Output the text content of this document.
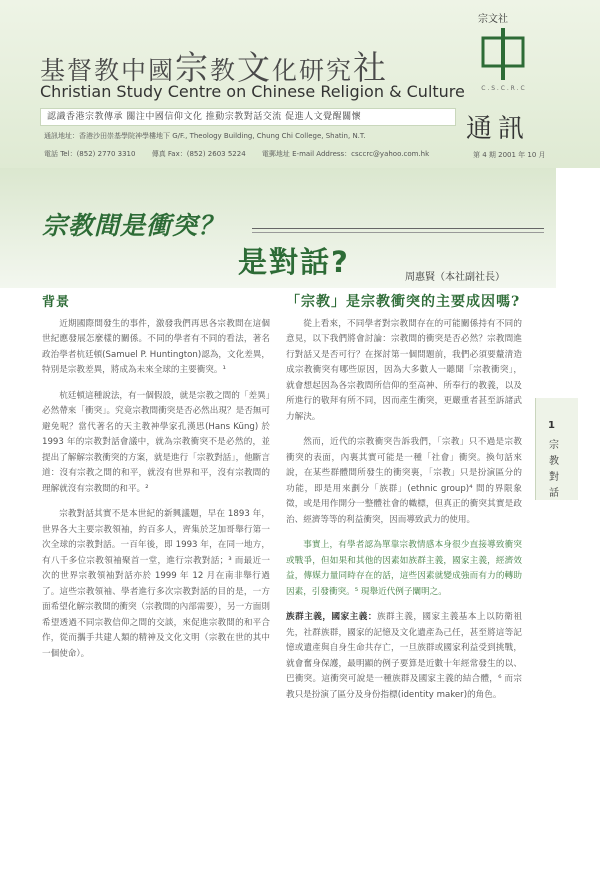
基督教中國宗教文化研究社
Christian Study Centre on Chinese Religion & Culture
認識香港宗教傳承 關注中國信仰文化 推動宗教對話交流 促進人文覺醒關懷
通訊地址：香港沙田崇基學院神學樓地下 G/F., Theology Building, Chung Chi College, Shatin, N.T.
電話 Tel：(852) 2770 3310 傳真 Fax：(852) 2603 5224 電郵地址 E-mail Address：csccrc@yahoo.com.hk
宗文社
C . S . C . R . C
通訊
第 4 期 2001 年 10 月
宗教間是衝突？
是對話?	周惠賢（本社副社長）
背景

近期國際間發生的事件，激發我們再思各宗教間在這個世紀應發展怎麼樣的關係。不同的學者有不同的看法，著名政治學者杭廷頓(Samuel P. Huntington)認為，文化差異，特別是宗教差異，將成為未來全球的主要衝突。¹

杭廷頓這種說法，有一個假設，就是宗教之間的「差異」必然帶來「衝突」。究竟宗教間衝突是否必然出現？是否無可避免呢？當代著名的天主教神學家孔漢思(Hans Küng) 於 1993 年的宗教對話會議中，就為宗教衝突不是必然的，並提出了解解宗教衝突的方案，就是進行「宗教對話」，他斷言道：沒有宗教之間的和平，就沒有世界和平，沒有宗教間的理解就沒有宗教間的和平。²

宗教對話其實不是本世紀的新興議題，早在 1893 年，世界各大主要宗教領袖，約百多人，齊集於芝加哥舉行第一次全球的宗教對話。一百年後，即 1993 年，在同一地方，有八千多位宗教領袖聚首一堂，進行宗教對話；³ 而最近一次的世界宗教領袖對話亦於 1999 年 12 月在南非舉行過了。這些宗教領袖、學者進行多次宗教對話的目的是，一方面希望化解宗教間的衝突（宗教間的內部需要），另一方面則希望透過不同宗教信仰之間的交談，來促進宗教間的和平合作，從而攜手共建人類的精神及文化文明（宗教在世的其中一個使命）。

「宗教」是宗教衝突的主要成因嗎?

從上看來，不同學者對宗教間存在的可能關係持有不同的意見，以下我們將會討論：宗教間的衝突是否必然？宗教間進行對話又是否可行？在探討第一個問題前，我們必須要釐清造成宗教衝突有哪些原因，因為大多數人一聽聞「宗教衝突」，就會想起因為各宗教間所信仰的至高神、所奉行的教義，以及所進行的敬拜有所不同，因而產生衝突，更嚴重者甚至訴諸武力解決。

然而，近代的宗教衝突告訴我們，「宗教」只不過是宗教衝突的表面，內裏其實可能是一種「社會」衝突。換句話來說，在某些群體間所發生的衝突裏，「宗教」只是扮演區分的功能，即是用來劃分「族群」(ethnic group)⁴ 間的界限象徵，或是用作開分一整體社會的幟標，但真正的衝突其實是政治、經濟等等的利益衝突，因而導致武力的使用。

事實上，有學者認為單靠宗教情感本身很少直接導致衝突或戰爭，但如果和其他的因素如族群主義，國家主義，經濟效益，傳媒力量同時存在的話，這些因素就變成強而有力的轉助因素，引發衝突。⁵ 現舉近代例子闡明之。

族群主義，國家主義：族群主義，國家主義基本上以防衛祖先，社群族群，國家的記憶及文化遺產為己任，甚至將這等記憶或遺產與自身生命共存亡，一旦族群或國家利益受到挑戰，就會奮身保護，最明顯的例子要算是近數十年經常發生的以、巴衝突。這衝突可說是一種族群及國家主義的結合體，⁶ 而宗教只是扮演了區分及身份指標(identity maker)的角色。

1
宗教對話
